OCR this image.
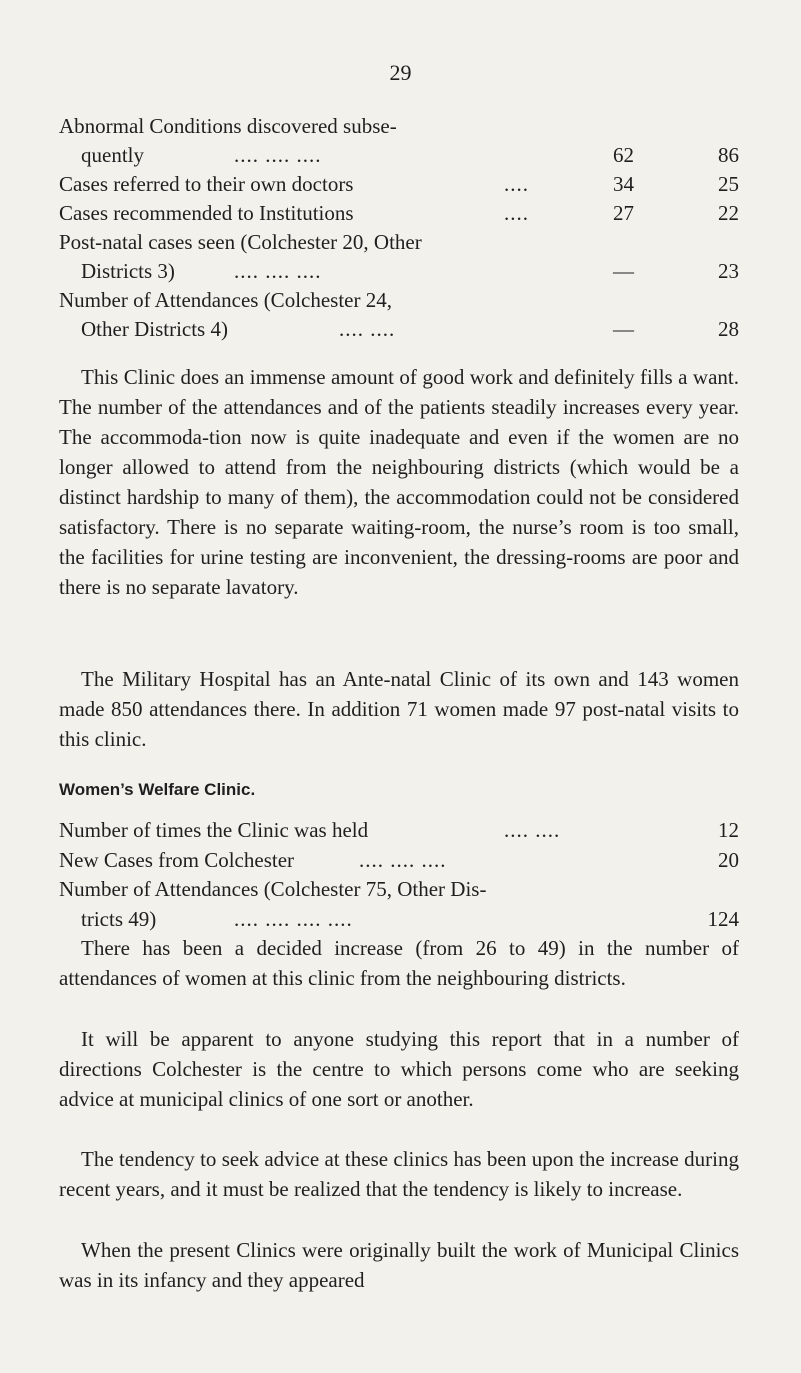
29
Abnormal Conditions discovered subse-
quently	.... .... ....	62	86
Cases referred to their own doctors	....	34	25
Cases recommended to Institutions	....	27	22
Post-natal cases seen (Colchester 20, Other
Districts 3)	.... .... ....	—	23
Number of Attendances (Colchester 24,
Other Districts 4)	.... ....	—	28

This Clinic does an immense amount of good work and definitely fills a want. The number of the attendances and of the patients steadily increases every year. The accommoda-tion now is quite inadequate and even if the women are no longer allowed to attend from the neighbouring districts (which would be a distinct hardship to many of them), the accommodation could not be considered satisfactory. There is no separate waiting-room, the nurse’s room is too small, the facilities for urine testing are inconvenient, the dressing-rooms are poor and there is no separate lavatory.

The Military Hospital has an Ante-natal Clinic of its own and 143 women made 850 attendances there. In addition 71 women made 97 post-natal visits to this clinic.

Women’s Welfare Clinic.
Number of times the Clinic was held	.... ....	12
New Cases from Colchester	.... .... ....	20
Number of Attendances (Colchester 75, Other Dis-
tricts 49)	.... .... .... ....	124

There has been a decided increase (from 26 to 49) in the number of attendances of women at this clinic from the neighbouring districts.

It will be apparent to anyone studying this report that in a number of directions Colchester is the centre to which persons come who are seeking advice at municipal clinics of one sort or another.

The tendency to seek advice at these clinics has been upon the increase during recent years, and it must be realized that the tendency is likely to increase.

When the present Clinics were originally built the work of Municipal Clinics was in its infancy and they appeared
